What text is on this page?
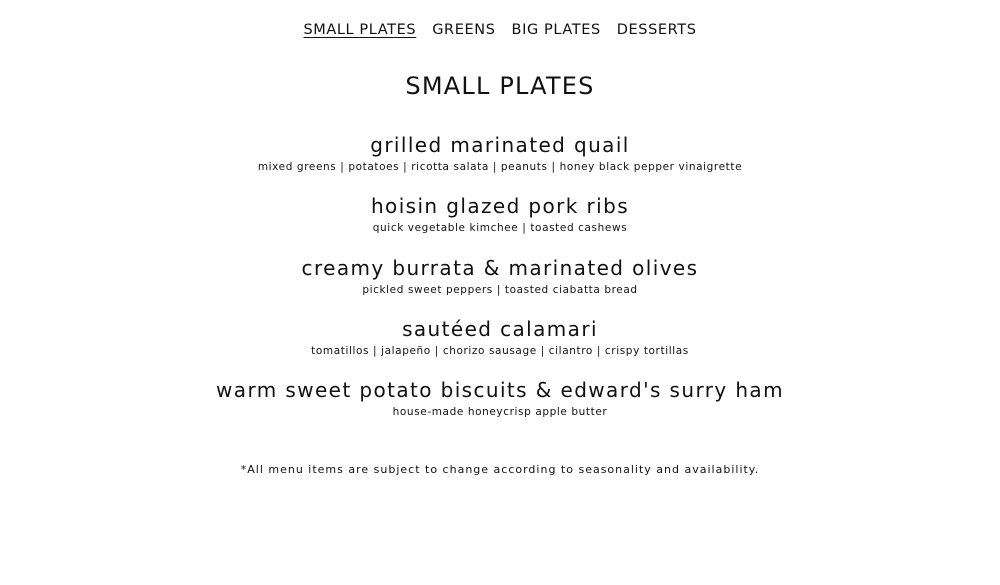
SMALL PLATES GREENS BIG PLATES DESSERTS
SMALL PLATES

grilled marinated quail

mixed greens | potatoes | ricotta salata | peanuts | honey black pepper vinaigrette

hoisin glazed pork ribs

quick vegetable kimchee | toasted cashews

creamy burrata & marinated olives

pickled sweet peppers | toasted ciabatta bread

sautéed calamari

tomatillos | jalapeño | chorizo sausage | cilantro | crispy tortillas

warm sweet potato biscuits & edward's surry ham

house-made honeycrisp apple butter

*All menu items are subject to change according to seasonality and availability.
